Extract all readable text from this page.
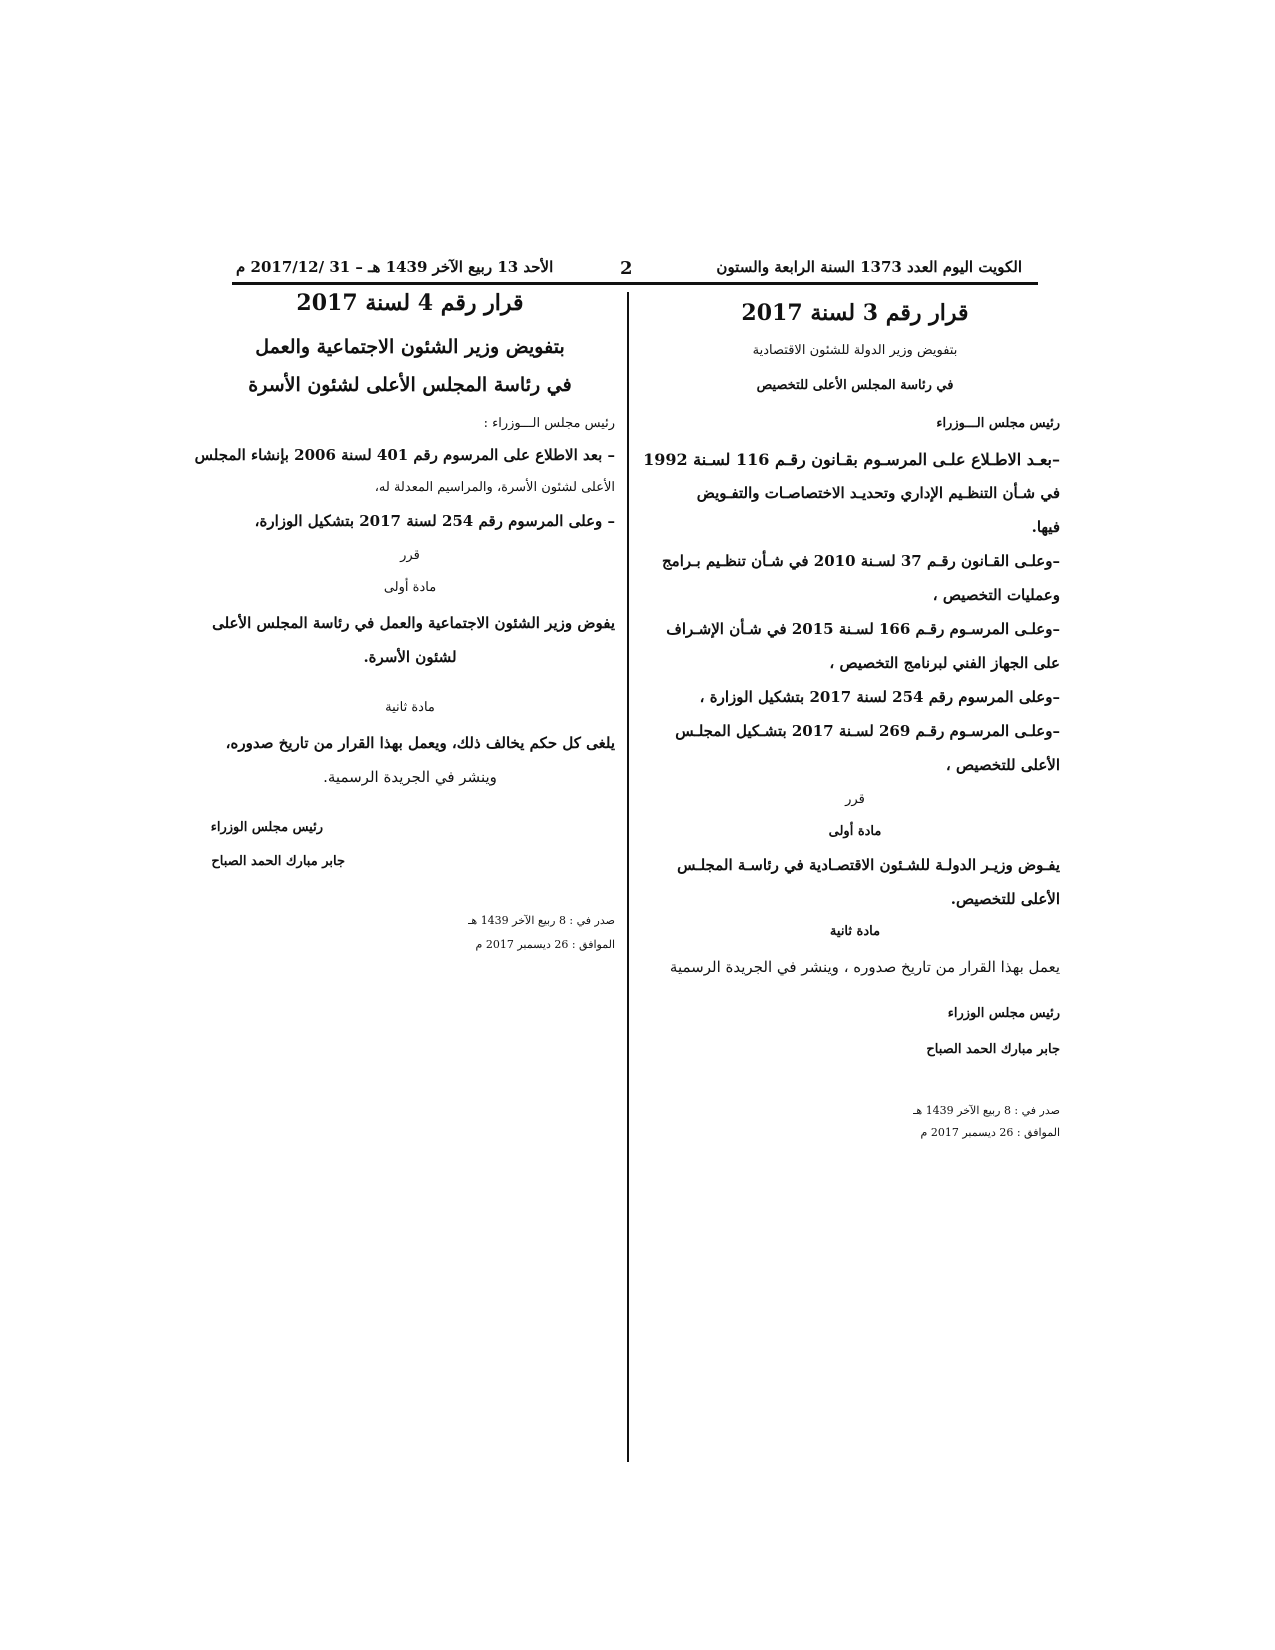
الكويت اليوم العدد 1373 السنة الرابعة والستون
2
الأحد 13 ربيع الآخر 1439 هـ – 31 /2017/12 م
قرار رقم 3 لسنة 2017
بتفويض وزير الدولة للشئون الاقتصادية
في رئاسة المجلس الأعلى للتخصيص
رئيس مجلس الـــوزراء
–بعـد الاطـلاع علـى المرسـوم بقـانون رقـم 116 لسـنة 1992
في شـأن التنظـيم الإداري وتحديـد الاختصاصـات والتفـويض
فيها.
–وعلـى القـانون رقـم 37 لسـنة 2010 في شـأن تنظـيم بـرامج
وعمليات التخصيص ،
–وعلـى المرسـوم رقـم 166 لسـنة 2015 في شـأن الإشـراف
على الجهاز الفني لبرنامج التخصيص ،
–وعلى المرسوم رقم 254 لسنة 2017 بتشكيل الوزارة ،
–وعلـى المرسـوم رقـم 269 لسـنة 2017 بتشـكيل المجلـس
الأعلى للتخصيص ،
قرر
مادة أولى
يفـوض وزيـر الدولـة للشـئون الاقتصـادية في رئاسـة المجلـس
الأعلى للتخصيص.
مادة ثانية
يعمل بهذا القرار من تاريخ صدوره ، وينشر في الجريدة الرسمية
رئيس مجلس الوزراء
جابر مبارك الحمد الصباح
صدر في : 8 ربيع الآخر 1439 هـ
الموافق : 26 ديسمبر 2017 م
قرار رقم 4 لسنة 2017
بتفويض وزير الشئون الاجتماعية والعمل
في رئاسة المجلس الأعلى لشئون الأسرة
رئيس مجلس الـــوزراء :
– بعد الاطلاع على المرسوم رقم 401 لسنة 2006 بإنشاء المجلس
الأعلى لشئون الأسرة، والمراسيم المعدلة له،
– وعلى المرسوم رقم 254 لسنة 2017 بتشكيل الوزارة،
قرر
مادة أولى
يفوض وزير الشئون الاجتماعية والعمل في رئاسة المجلس الأعلى
لشئون الأسرة.
مادة ثانية
يلغى كل حكم يخالف ذلك، ويعمل بهذا القرار من تاريخ صدوره،
وينشر في الجريدة الرسمية.
رئيس مجلس الوزراء
جابر مبارك الحمد الصباح
صدر في : 8 ربيع الآخر 1439 هـ
الموافق : 26 ديسمبر 2017 م
